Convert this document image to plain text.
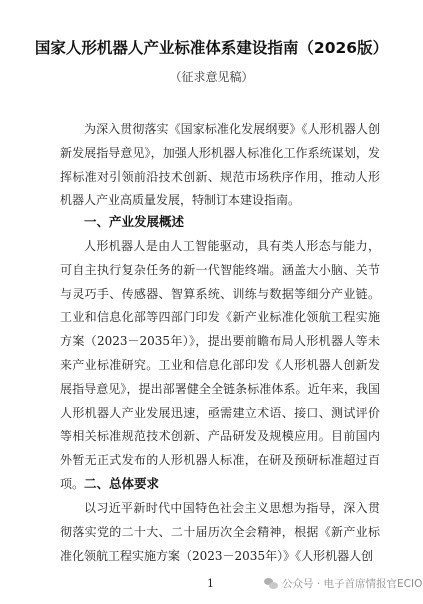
国家人形机器人产业标准体系建设指南（2026版）
（征求意见稿）

为深入贯彻落实《国家标准化发展纲要》《人形机器人创新发展指导意见》，加强人形机器人标准化工作系统谋划，发挥标准对引领前沿技术创新、规范市场秩序作用，推动人形机器人产业高质量发展，特制订本建设指南。

一、产业发展概述

人形机器人是由人工智能驱动，具有类人形态与能力，可自主执行复杂任务的新一代智能终端。涵盖大小脑、关节与灵巧手、传感器、智算系统、训练与数据等细分产业链。工业和信息化部等四部门印发《新产业标准化领航工程实施方案（2023－2035年）》，提出要前瞻布局人形机器人等未来产业标准研究。工业和信息化部印发《人形机器人创新发展指导意见》，提出部署健全全链条标准体系。近年来，我国人形机器人产业发展迅速，亟需建立术语、接口、测试评价等相关标准规范技术创新、产品研发及规模应用。目前国内外暂无正式发布的人形机器人标准，在研及预研标准超过百项。 二、总体要求

以习近平新时代中国特色社会主义思想为指导，深入贯彻落实党的二十大、二十届历次全会精神，根据《新产业标准化领航工程实施方案（2023－2035年）》《人形机器人创

1	公众号 · 电子首席情报官ECIO
